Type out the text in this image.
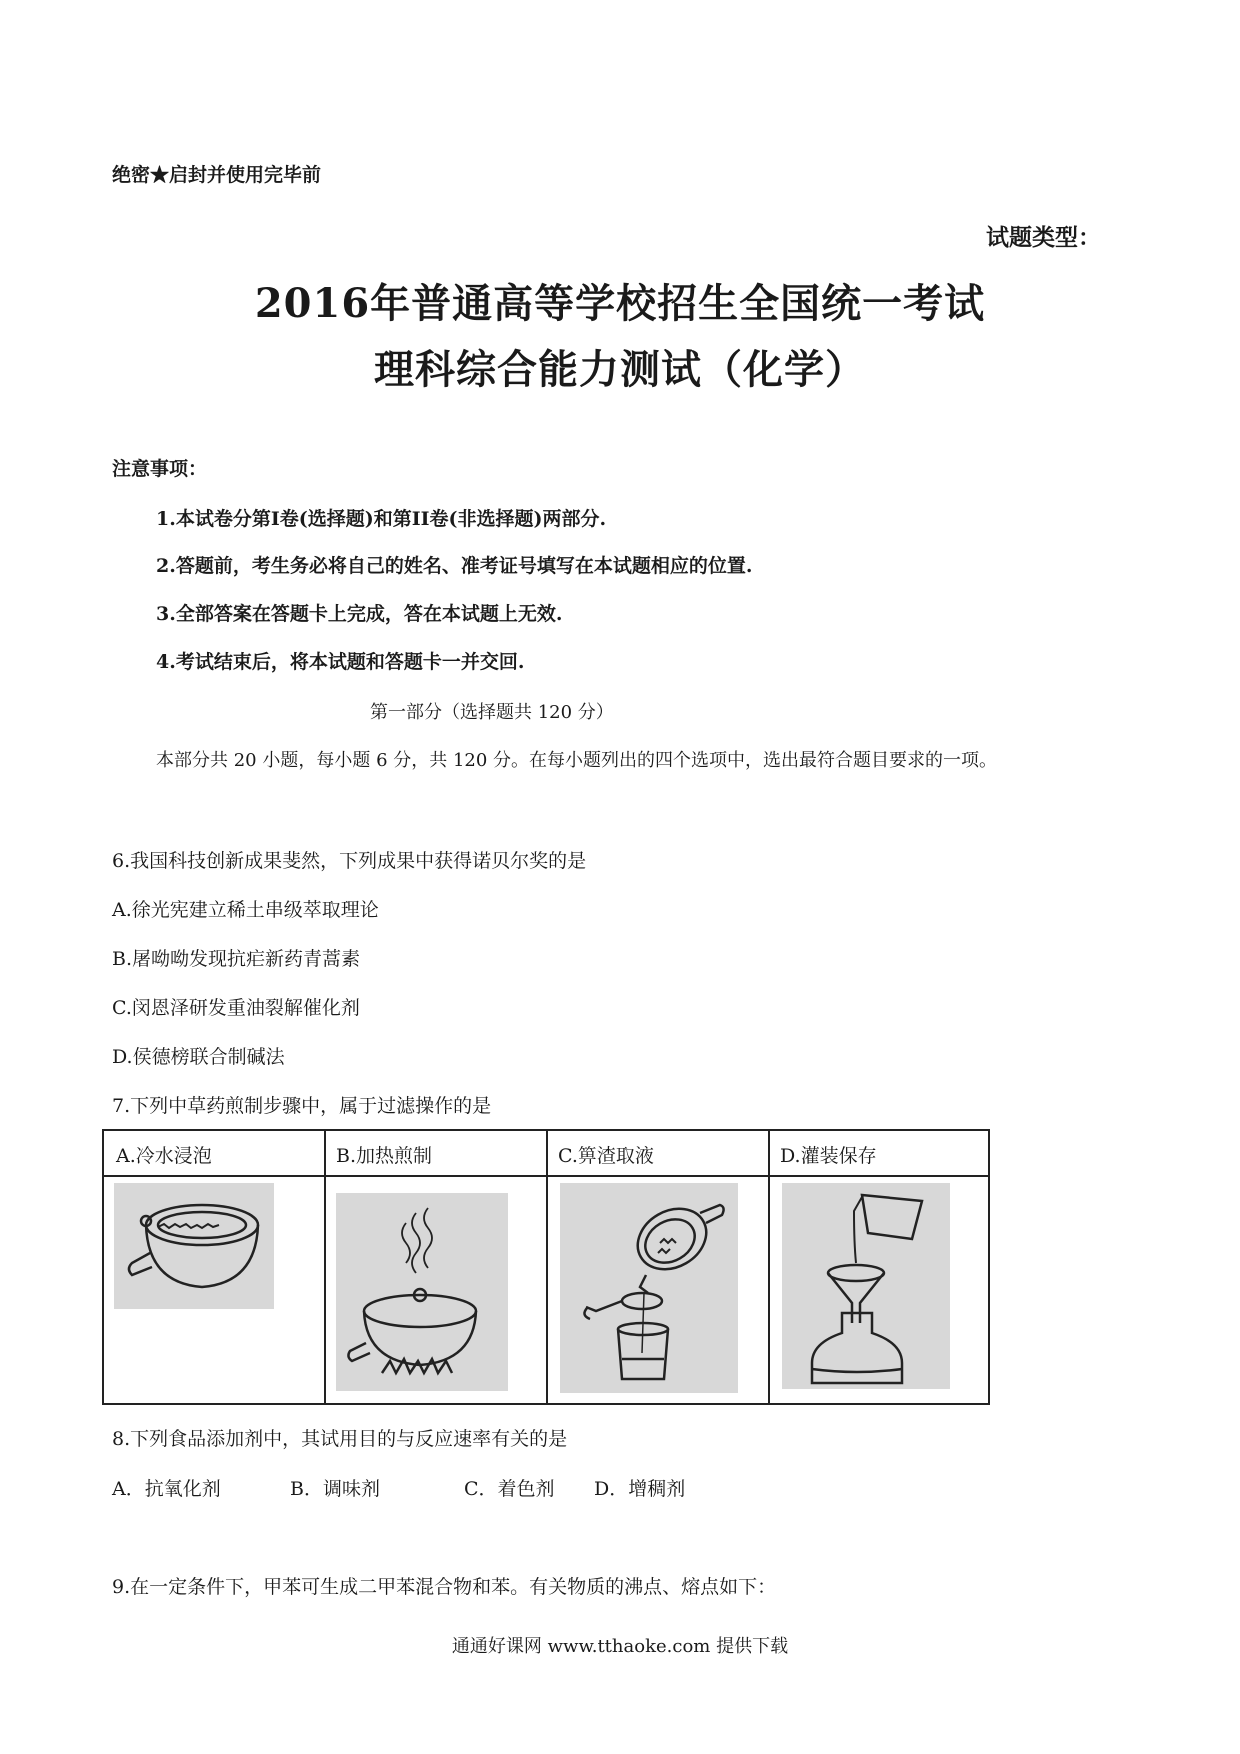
绝密★启封并使用完毕前
试题类型：
2016年普通高等学校招生全国统一考试
理科综合能力测试（化学）
注意事项：
1.本试卷分第I卷(选择题)和第II卷(非选择题)两部分.
2.答题前，考生务必将自己的姓名、准考证号填写在本试题相应的位置.
3.全部答案在答题卡上完成，答在本试题上无效.
4.考试结束后，将本试题和答题卡一并交回.
第一部分（选择题共 120 分）
本部分共 20 小题，每小题 6 分，共 120 分。在每小题列出的四个选项中，选出最符合题目要求的一项。
6.我国科技创新成果斐然，下列成果中获得诺贝尔奖的是
A.徐光宪建立稀土串级萃取理论
B.屠呦呦发现抗疟新药青蒿素
C.闵恩泽研发重油裂解催化剂
D.侯德榜联合制碱法
7.下列中草药煎制步骤中，属于过滤操作的是
A.冷水浸泡	B.加热煎制	C.箅渣取液	D.灌装保存
8.下列食品添加剂中，其试用目的与反应速率有关的是
A．抗氧化剂	B．调味剂	C．着色剂 D．增稠剂
9.在一定条件下，甲苯可生成二甲苯混合物和苯。有关物质的沸点、熔点如下：
通通好课网 www.tthaoke.com 提供下载
